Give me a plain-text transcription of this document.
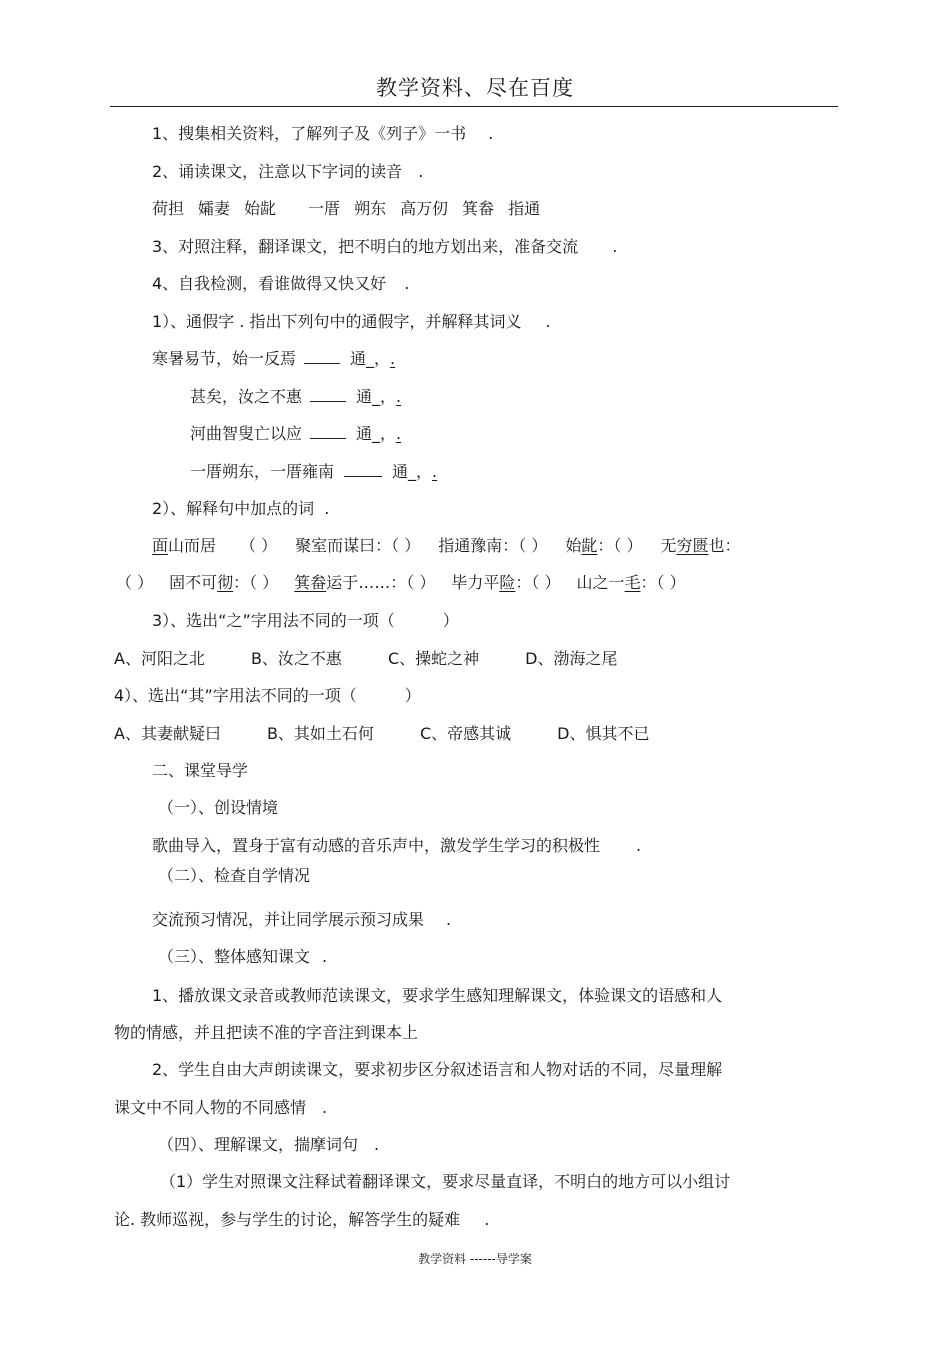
教学资料、尽在百度
1、搜集相关资料，了解列子及《列子》一书 .
2、诵读课文，注意以下字词的读音 .
荷担 孀妻 始龀 一厝 朔东 高万仞 箕畚 指通
3、对照注释，翻译课文，把不明白的地方划出来，准备交流 .
4、自我检测，看谁做得又快又好 .
1）、通假字 . 指出下列句中的通假字，并解释其词义 .
寒暑易节，始一反焉	通_，.
甚矣，汝之不惠	通_，.
河曲智叟亡以应	通_，.
一厝朔东，一厝雍南	通_，.
2）、解释句中加点的词 .
面山而居 （ ） 聚室而谋曰：（ ） 指通豫南：（ ） 始龀：（ ） 无穷匮也：
（ ） 固不可彻：（ ） 箕畚运于……：（ ） 毕力平险：（ ） 山之一毛：（ ）
3）、选出“之”字用法不同的一项（　　　）
A、河阳之北	B、汝之不惠	C、操蛇之神	D、渤海之尾
4）、选出“其”字用法不同的一项（　　　）
A、其妻献疑曰	B、其如土石何	C、帝感其诚	D、惧其不已
二、课堂导学
（一）、创设情境
歌曲导入，置身于富有动感的音乐声中，激发学生学习的积极性 .
（二）、检查自学情况
交流预习情况，并让同学展示预习成果 .
（三）、整体感知课文 .
1、播放课文录音或教师范读课文，要求学生感知理解课文，体验课文的语感和人
物的情感，并且把读不准的字音注到课本上
2、学生自由大声朗读课文，要求初步区分叙述语言和人物对话的不同，尽量理解
课文中不同人物的不同感情 .
（四）、理解课文，揣摩词句 .
（1）学生对照课文注释试着翻译课文，要求尽量直译，不明白的地方可以小组讨
论. 教师巡视，参与学生的讨论，解答学生的疑难 .
教学资料 ------导学案
